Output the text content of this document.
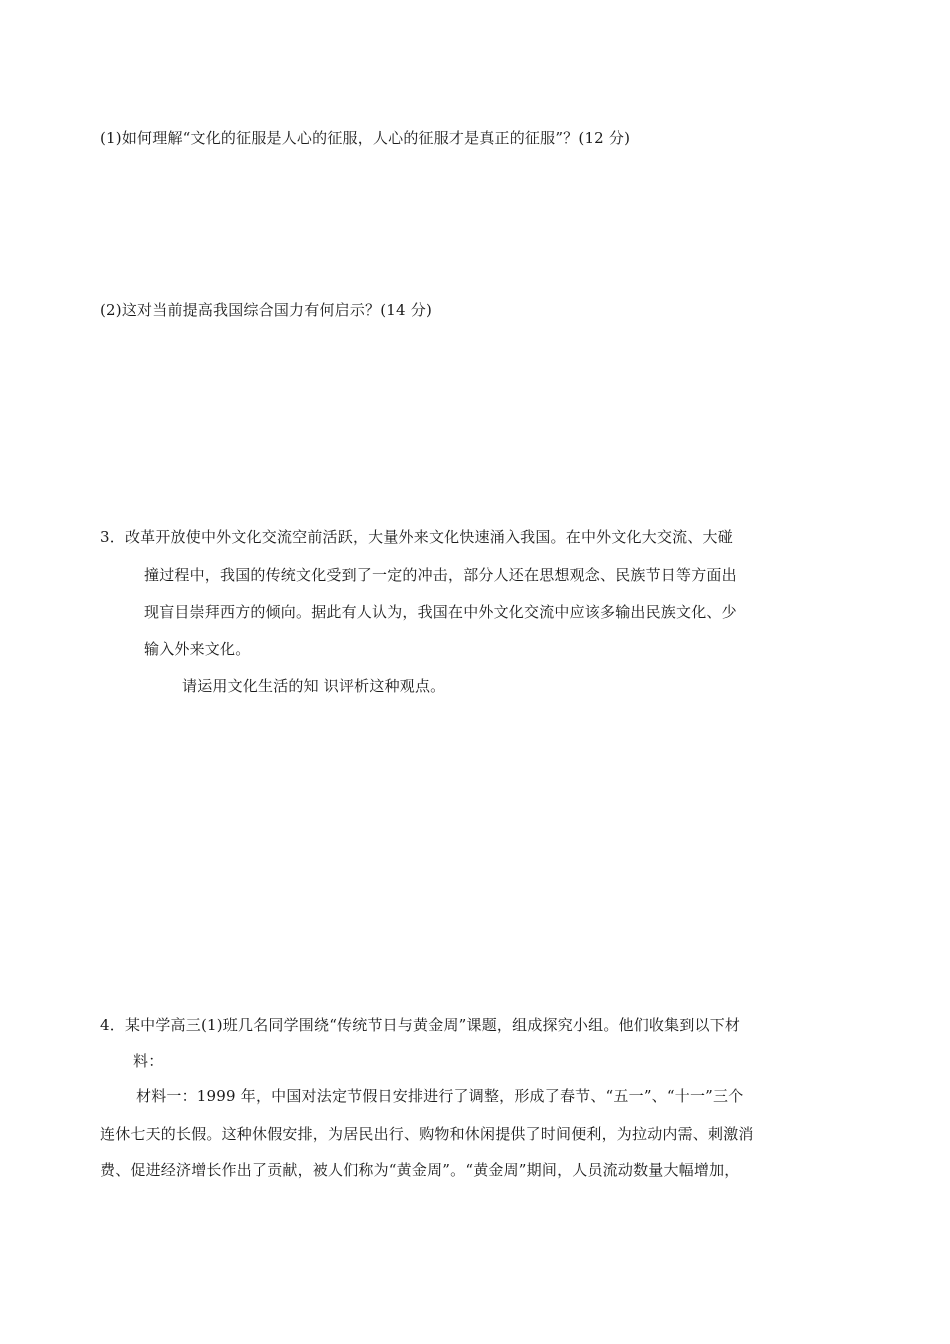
(1)如何理解“文化的征服是人心的征服，人心的征服才是真正的征服”？(12 分)
(2)这对当前提高我国综合国力有何启示？(14 分)
3．改革开放使中外文化交流空前活跃，大量外来文化快速涌入我国。在中外文化大交流、大碰
撞过程中，我国的传统文化受到了一定的冲击，部分人还在思想观念、民族节日等方面出
现盲目崇拜西方的倾向。据此有人认为，我国在中外文化交流中应该多输出民族文化、少
输入外来文化。
请运用文化生活的知 识评析这种观点。
4．某中学高三(1)班几名同学围绕“传统节日与黄金周”课题，组成探究小组。他们收集到以下材
料：
材料一：1999 年，中国对法定节假日安排进行了调整，形成了春节、“五一”、“十一”三个
连休七天的长假。这种休假安排，为居民出行、购物和休闲提供了时间便利，为拉动内需、刺激消
费、促进经济增长作出了贡献，被人们称为“黄金周”。“黄金周”期间，人员流动数量大幅增加，
